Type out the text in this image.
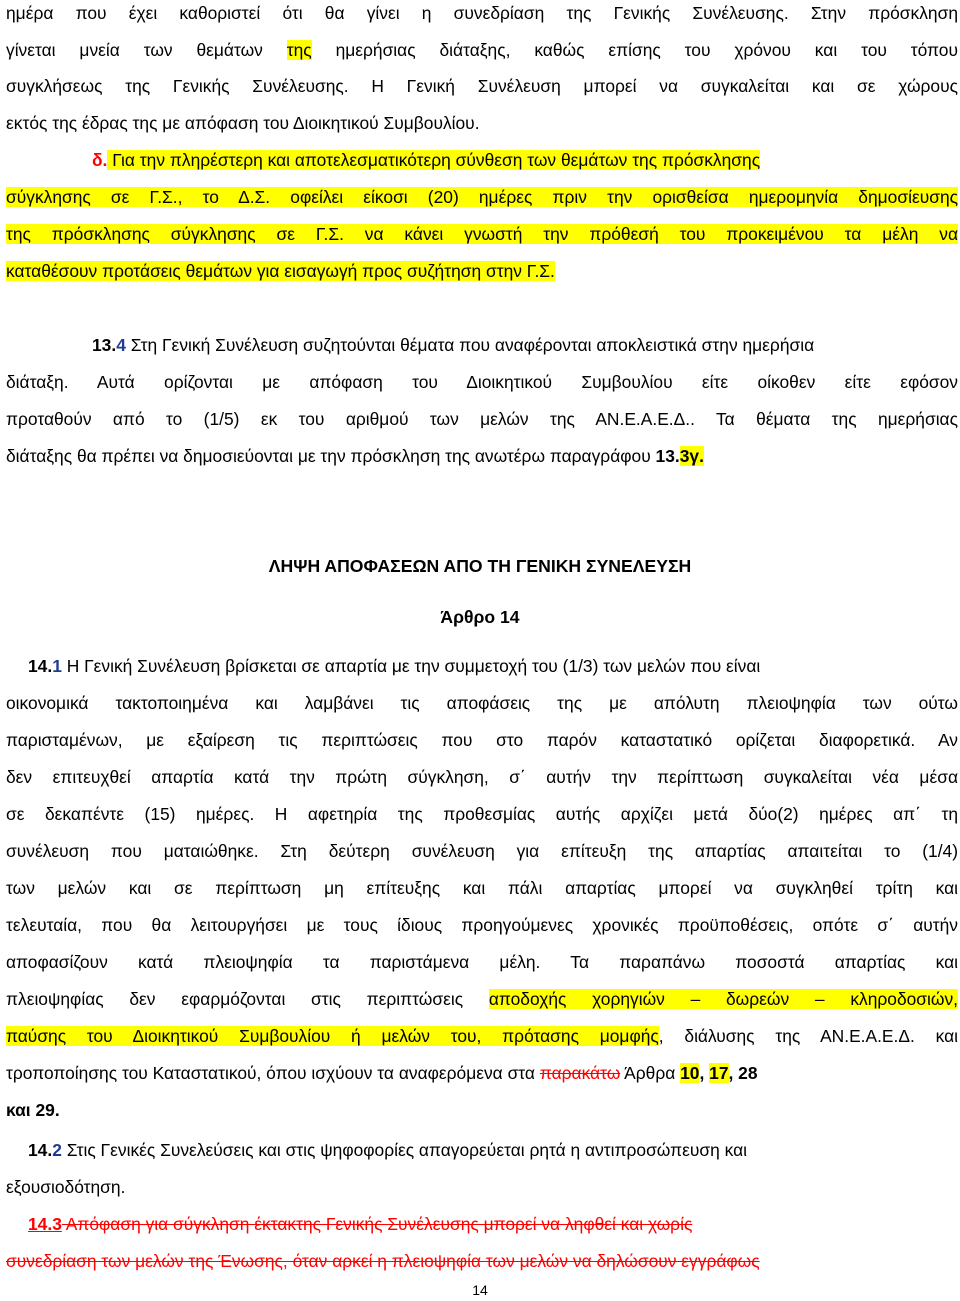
ημέρα που έχει καθοριστεί ότι θα γίνει η συνεδρίαση της Γενικής Συνέλευσης. Στην πρόσκληση
γίνεται μνεία των θεμάτων της ημερήσιας διάταξης, καθώς επίσης του χρόνου και του τόπου
συγκλήσεως της Γενικής Συνέλευσης. Η Γενική Συνέλευση μπορεί να συγκαλείται και σε χώρους
εκτός της έδρας της με απόφαση του Διοικητικού Συμβουλίου.
δ. Για την πληρέστερη και αποτελεσματικότερη σύνθεση των θεμάτων της πρόσκλησης
σύγκλησης σε Γ.Σ., το Δ.Σ. οφείλει είκοσι (20) ημέρες πριν την ορισθείσα ημερομηνία δημοσίευσης
της πρόσκλησης σύγκλησης σε Γ.Σ. να κάνει γνωστή την πρόθεσή του προκειμένου τα μέλη να
καταθέσουν προτάσεις θεμάτων για εισαγωγή προς συζήτηση στην Γ.Σ.
13.4 Στη Γενική Συνέλευση συζητούνται θέματα που αναφέρονται αποκλειστικά στην ημερήσια
διάταξη. Αυτά ορίζονται με απόφαση του Διοικητικού Συμβουλίου είτε οίκοθεν είτε εφόσον
προταθούν από το (1/5) εκ του αριθμού των μελών της ΑΝ.Ε.Α.Ε.Δ.. Τα θέματα της ημερήσιας
διάταξης θα πρέπει να δημοσιεύονται με την πρόσκληση της ανωτέρω παραγράφου 13.3γ.
ΛΗΨΗ ΑΠΟΦΑΣΕΩΝ ΑΠΟ ΤΗ ΓΕΝΙΚΗ ΣΥΝΕΛΕΥΣΗ
Άρθρο 14
14.1 Η Γενική Συνέλευση βρίσκεται σε απαρτία με την συμμετοχή του (1/3) των μελών που είναι
οικονομικά τακτοποιημένα και λαμβάνει τις αποφάσεις της με απόλυτη πλειοψηφία των ούτω
παρισταμένων, με εξαίρεση τις περιπτώσεις που στο παρόν καταστατικό ορίζεται διαφορετικά. Αν
δεν επιτευχθεί απαρτία κατά την πρώτη σύγκληση, σ΄ αυτήν την περίπτωση συγκαλείται νέα μέσα
σε δεκαπέντε (15) ημέρες. Η αφετηρία της προθεσμίας αυτής αρχίζει μετά δύο(2) ημέρες απ΄ τη
συνέλευση που ματαιώθηκε. Στη δεύτερη συνέλευση για επίτευξη της απαρτίας απαιτείται το (1/4)
των μελών και σε περίπτωση μη επίτευξης και πάλι απαρτίας μπορεί να συγκληθεί τρίτη και
τελευταία, που θα λειτουργήσει με τους ίδιους προηγούμενες χρονικές προϋποθέσεις, οπότε σ΄ αυτήν
αποφασίζουν κατά πλειοψηφία τα παριστάμενα μέλη. Τα παραπάνω ποσοστά απαρτίας και
πλειοψηφίας δεν εφαρμόζονται στις περιπτώσεις αποδοχής χορηγιών – δωρεών – κληροδοσιών,
παύσης του Διοικητικού Συμβουλίου ή μελών του, πρότασης μομφής, διάλυσης της ΑΝ.Ε.Α.Ε.Δ. και
τροποποίησης του Καταστατικού, όπου ισχύουν τα αναφερόμενα στα παρακάτω Άρθρα 10, 17, 28
και 29.
14.2 Στις Γενικές Συνελεύσεις και στις ψηφοφορίες απαγορεύεται ρητά η αντιπροσώπευση και
εξουσιοδότηση.
14.3 Απόφαση για σύγκληση έκτακτης Γενικής Συνέλευσης μπορεί να ληφθεί και χωρίς
συνεδρίαση των μελών της Ένωσης, όταν αρκεί η πλειοψηφία των μελών να δηλώσουν εγγράφως
14
